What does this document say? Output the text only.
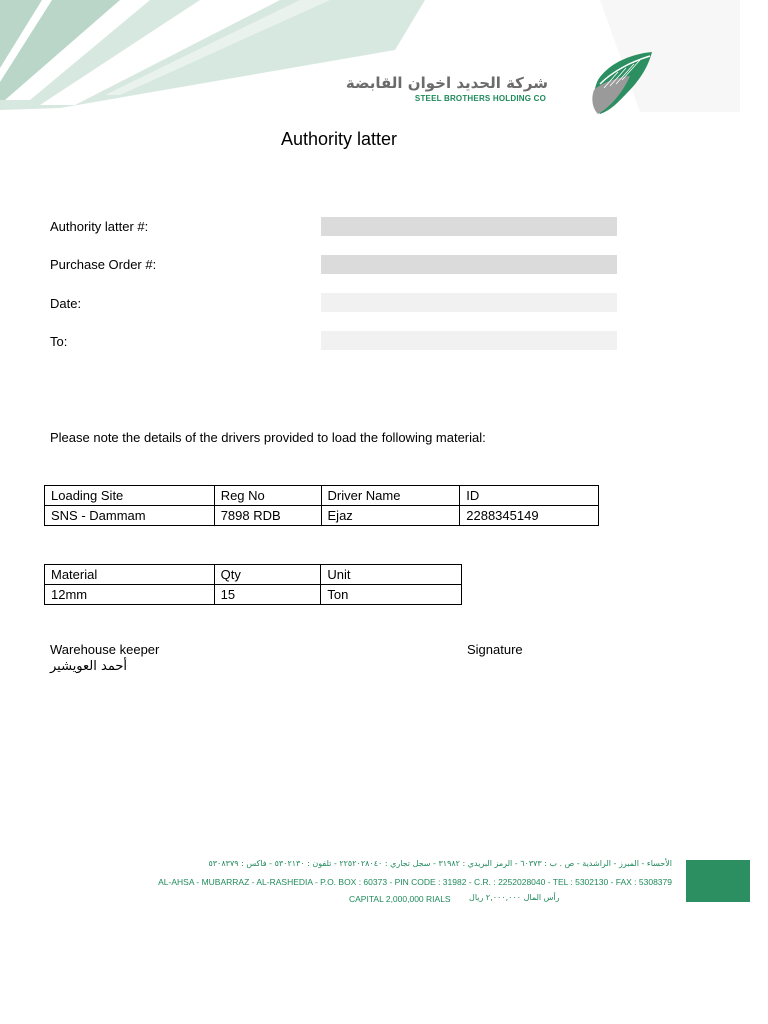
شركة الحديد اخوان القابضة
STEEL BROTHERS HOLDING CO
Authority latter
Authority latter #:
Purchase Order #:
Date:
To:
Please note the details of the drivers provided to load the following material:
Loading Site	Reg No	Driver Name	ID
SNS - Dammam	7898 RDB	Ejaz	2288345149
Material	Qty	Unit
12mm	15	Ton
Warehouse keeper
أحمد العويشير
Signature
الأحساء - المبرز - الراشدية - ص . ب : ٦٠٣٧٣ - الرمز البريدي : ٣١٩٨٢ - سجل تجاري : ٢٢٥٢٠٢٨٠٤٠ - تلفون : ٥٣٠٢١٣٠ - فاكس : ٥٣٠٨٣٧٩
AL-AHSA - MUBARRAZ - AL-RASHEDIA - P.O. BOX : 60373 - PIN CODE : 31982 - C.R. : 2252028040 - TEL : 5302130 - FAX : 5308379
CAPITAL 2,000,000 RIALS رأس المال ٢,٠٠٠,٠٠٠ ريال
